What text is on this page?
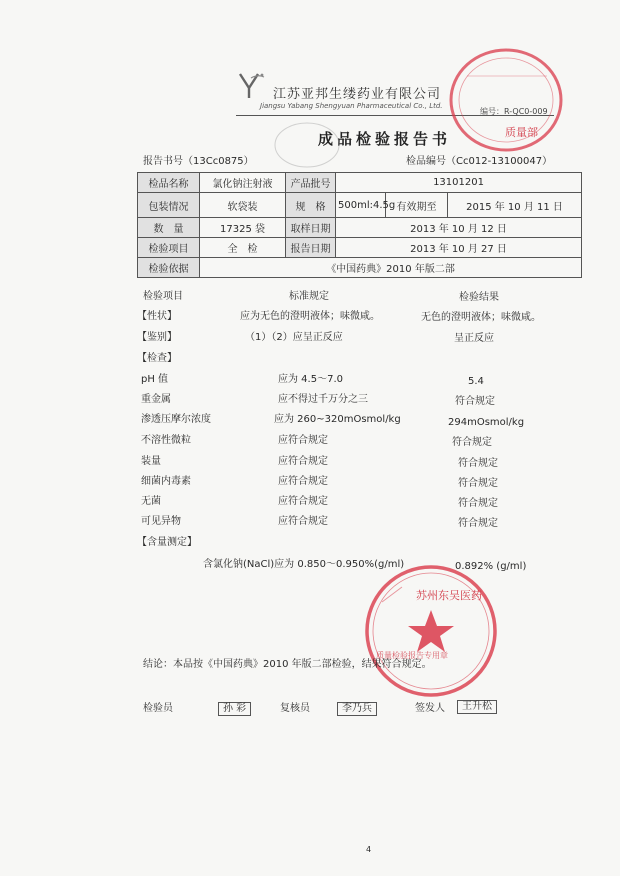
江苏亚邦生缕药业有限公司
Jiangsu Yabang Shengyuan Pharmaceutical Co., Ltd.
编号：R-QC0-009
成品检验报告书	质量部
报告书号（13Cc0875）	检品编号（Cc012-13100047）
检品名称	氯化钠注射液	产品批号	13101201		
包装情况	软袋装	规　格	500ml:4.5g	有效期至	2015 年 10 月 11 日
数　量	17325 袋	取样日期	2013 年 10 月 12 日		
检验项目	全　检	报告日期	2013 年 10 月 27 日		
检验依据	《中国药典》2010 年版二部				
检验项目	标准规定	检验结果
【性状】	应为无色的澄明液体；味微咸。	无色的澄明液体；味微咸。
【鉴别】	（1）（2）应呈正反应	呈正反应
【检查】
pH 值	应为 4.5～7.0	5.4
重金属	应不得过千万分之三	符合规定
渗透压摩尔浓度	应为 260~320mOsmol/kg	294mOsmol/kg
不溶性微粒	应符合规定	符合规定
装量	应符合规定	符合规定
细菌内毒素	应符合规定	符合规定
无菌	应符合规定	符合规定
可见异物	应符合规定	符合规定
【含量测定】
含氯化钠(NaCl)应为 0.850～0.950%(g/ml)	0.892% (g/ml)
苏州东吴医药
质量检验报告专用章
结论：本品按《中国药典》2010 年版二部检验，结果符合规定。
检验员	孙 彩	复核员	李乃兵	签发人	王升松
4
